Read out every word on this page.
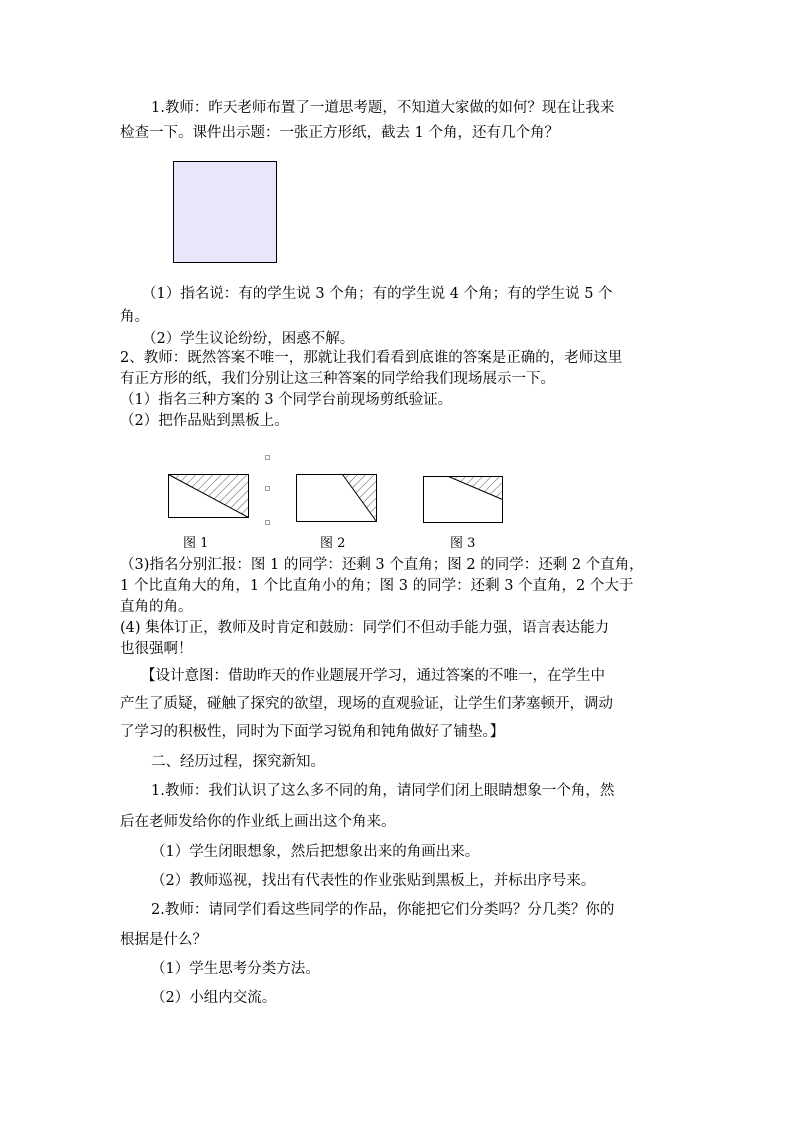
图 1	图 2	图 3
1.教师：昨天老师布置了一道思考题，不知道大家做的如何？现在让我来
检查一下。课件出示题：一张正方形纸，截去 1 个角，还有几个角？
（1）指名说：有的学生说 3 个角；有的学生说 4 个角；有的学生说 5 个
角。
（2）学生议论纷纷，困惑不解。
2、教师：既然答案不唯一，那就让我们看看到底谁的答案是正确的，老师这里
有正方形的纸，我们分别让这三种答案的同学给我们现场展示一下。
（1）指名三种方案的 3 个同学台前现场剪纸验证。
（2）把作品贴到黑板上。
（3)指名分别汇报：图 1 的同学：还剩 3 个直角；图 2 的同学：还剩 2 个直角，
1 个比直角大的角，1 个比直角小的角；图 3 的同学：还剩 3 个直角，2 个大于
直角的角。
(4) 集体订正，教师及时肯定和鼓励：同学们不但动手能力强，语言表达能力
也很强啊！
【设计意图：借助昨天的作业题展开学习，通过答案的不唯一，在学生中
产生了质疑，碰触了探究的欲望，现场的直观验证，让学生们茅塞顿开，调动
了学习的积极性，同时为下面学习锐角和钝角做好了铺垫。】
二、经历过程，探究新知。
1.教师：我们认识了这么多不同的角，请同学们闭上眼睛想象一个角，然
后在老师发给你的作业纸上画出这个角来。
（1）学生闭眼想象，然后把想象出来的角画出来。
（2）教师巡视，找出有代表性的作业张贴到黑板上，并标出序号来。
2.教师：请同学们看这些同学的作品，你能把它们分类吗？分几类？你的
根据是什么？
（1）学生思考分类方法。
（2）小组内交流。
